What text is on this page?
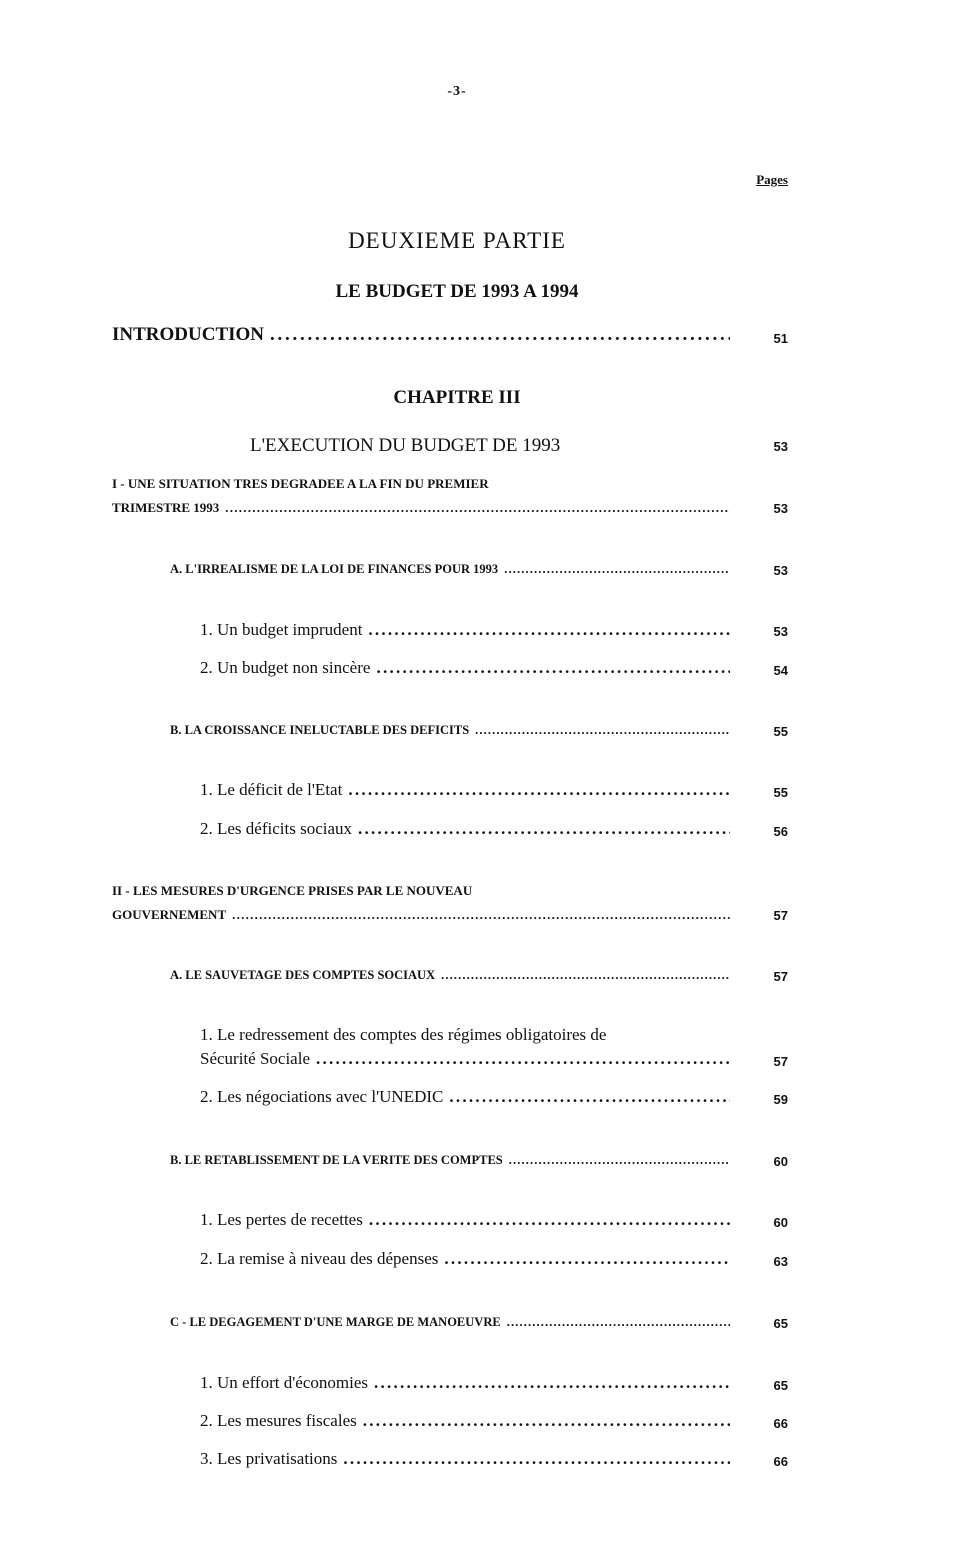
-3-
Pages
DEUXIEME PARTIE
LE BUDGET DE 1993 A 1994
INTRODUCTION . . .	51
CHAPITRE III
L'EXECUTION DU BUDGET DE 1993	53
I - UNE SITUATION TRES DEGRADEE A LA FIN DU PREMIER
TRIMESTRE 1993 . . .	53
A. L'IRREALISME DE LA LOI DE FINANCES POUR 1993 . . .	53
1. Un budget imprudent . . .	53
2. Un budget non sincère . . .	54
B. LA CROISSANCE INELUCTABLE DES DEFICITS . . .	55
1. Le déficit de l'Etat . . .	55
2. Les déficits sociaux . . .	56
II - LES MESURES D'URGENCE PRISES PAR LE NOUVEAU
GOUVERNEMENT . . .	57
A. LE SAUVETAGE DES COMPTES SOCIAUX . . .	57
1. Le redressement des comptes des régimes obligatoires de
Sécurité Sociale . . .	57
2. Les négociations avec l'UNEDIC . . .	59
B. LE RETABLISSEMENT DE LA VERITE DES COMPTES . . .	60
1. Les pertes de recettes . . .	60
2. La remise à niveau des dépenses . . .	63
C - LE DEGAGEMENT D'UNE MARGE DE MANOEUVRE . . .	65
1. Un effort d'économies . . .	65
2. Les mesures fiscales . . .	66
3. Les privatisations . . .	66
